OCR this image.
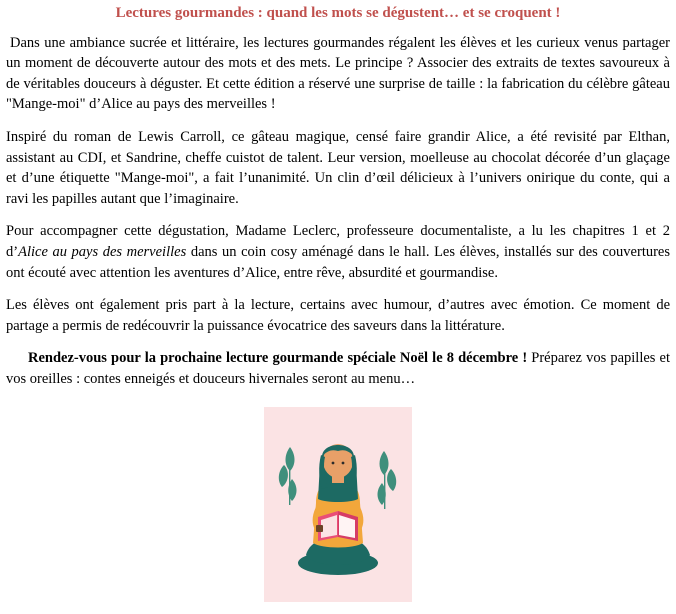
Lectures gourmandes : quand les mots se dégustent… et se croquent !

Dans une ambiance sucrée et littéraire, les lectures gourmandes régalent les élèves et les curieux venus partager un moment de découverte autour des mots et des mets. Le principe ? Associer des extraits de textes savoureux à de véritables douceurs à déguster. Et cette édition a réservé une surprise de taille : la fabrication du célèbre gâteau "Mange-moi" d’Alice au pays des merveilles !

Inspiré du roman de Lewis Carroll, ce gâteau magique, censé faire grandir Alice, a été revisité par Elthan, assistant au CDI, et Sandrine, cheffe cuistot de talent. Leur version, moelleuse au chocolat décorée d’un glaçage et d’une étiquette "Mange-moi", a fait l’unanimité. Un clin d’œil délicieux à l’univers onirique du conte, qui a ravi les papilles autant que l’imaginaire.

Pour accompagner cette dégustation, Madame Leclerc, professeure documentaliste, a lu les chapitres 1 et 2 d’Alice au pays des merveilles dans un coin cosy aménagé dans le hall. Les élèves, installés sur des couvertures ont écouté avec attention les aventures d’Alice, entre rêve, absurdité et gourmandise.

Les élèves ont également pris part à la lecture, certains avec humour, d’autres avec émotion. Ce moment de partage a permis de redécouvrir la puissance évocatrice des saveurs dans la littérature.

Rendez-vous pour la prochaine lecture gourmande spéciale Noël le 8 décembre ! Préparez vos papilles et vos oreilles : contes enneigés et douceurs hivernales seront au menu…
